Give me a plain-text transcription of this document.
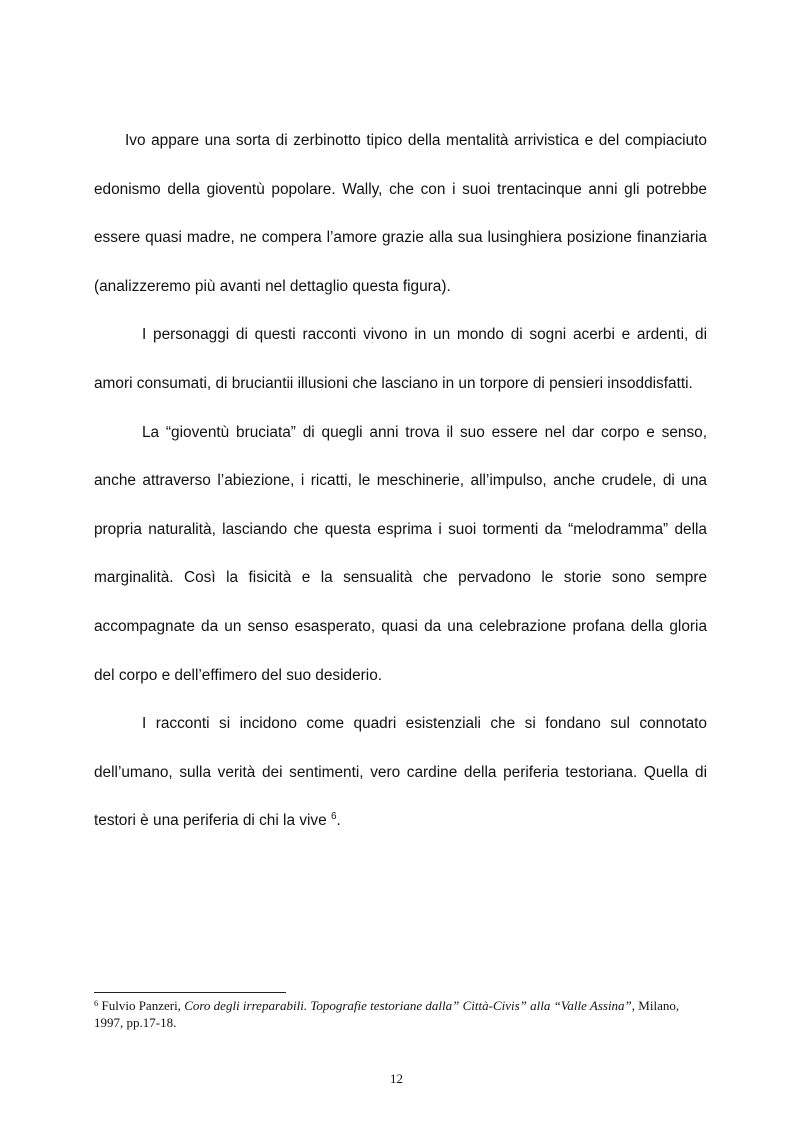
Ivo appare una sorta di zerbinotto tipico della mentalità arrivistica e del compiaciuto edonismo della gioventù popolare. Wally, che con i suoi trentacinque anni gli potrebbe essere quasi madre, ne compera l’amore grazie alla sua lusinghiera posizione finanziaria (analizzeremo più avanti nel dettaglio questa figura).

I personaggi di questi racconti vivono in un mondo di sogni acerbi e ardenti, di amori consumati, di bruciantii illusioni che lasciano in un torpore di pensieri insoddisfatti.

La “gioventù bruciata” di quegli anni trova il suo essere nel dar corpo e senso, anche attraverso l’abiezione, i ricatti, le meschinerie, all’impulso, anche crudele, di una propria naturalità, lasciando che questa esprima i suoi tormenti da “melodramma” della marginalità. Così la fisicità e la sensualità che pervadono le storie sono sempre accompagnate da un senso esasperato, quasi da una celebrazione profana della gloria del corpo e dell’effimero del suo desiderio.

I racconti si incidono come quadri esistenziali che si fondano sul connotato dell’umano, sulla verità dei sentimenti, vero cardine della periferia testoriana. Quella di testori è una periferia di chi la vive $^6$.

$^6$ Fulvio Panzeri, Coro degli irreparabili. Topografie testoriane dalla” Città-Civis” alla “Valle Assina”, Milano, 1997, pp.17-18.

12
